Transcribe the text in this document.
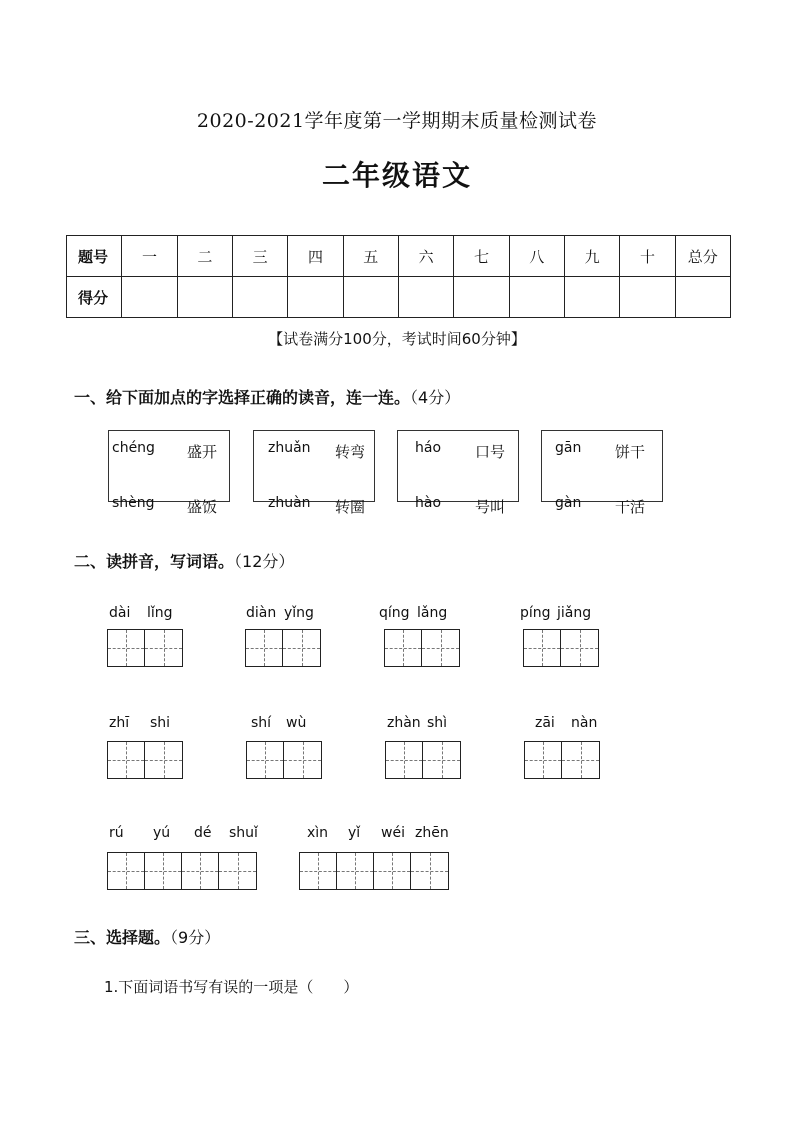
2020-2021学年度第一学期期末质量检测试卷
二年级语文
题号	一	二	三	四	五	六	七	八	九	十	总分
得分											
【试卷满分100分，考试时间60分钟】
一、给下面加点的字选择正确的读音，连一连。（4分）
chéng 盛开
shèng 盛饭
zhuǎn 转弯
zhuàn 转圈
háo 口号
hào 号叫
gān 饼干
gàn 干活
二、读拼音，写词语。（12分）
dài lǐng	diàn yǐng	qíng lǎng	píng jiǎng
zhī shi	shí wù	zhàn shì	zāi nàn
rú yú dé shuǐ	xìn yǐ wéi zhēn
三、选择题。（9分）
1.下面词语书写有误的一项是（　　）
